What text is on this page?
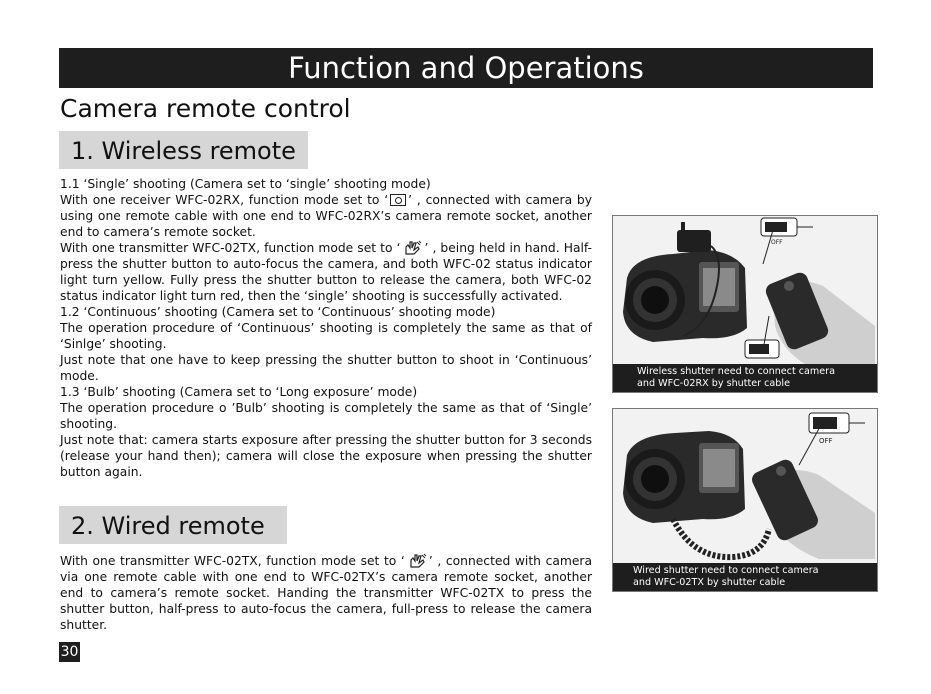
Function and Operations
Camera remote control
1. Wireless remote

1.1 ‘Single’ shooting (Camera set to ‘single’ shooting mode)

With one receiver WFC-02RX, function mode set to ‘ ’ , connected with camera by using one remote cable with one end to WFC-02RX’s camera remote socket, another end to camera’s remote socket.

With one transmitter WFC-02TX, function mode set to ‘ ’ , being held in hand. Half-press the shutter button to auto-focus the camera, and both WFC-02 status indicator light turn yellow. Fully press the shutter button to release the camera, both WFC-02 status indicator light turn red, then the ‘single’ shooting is successfully activated.

1.2 ‘Continuous’ shooting (Camera set to ‘Continuous’ shooting mode)

The operation procedure of ‘Continuous’ shooting is completely the same as that of ‘Sinlge’ shooting.

Just note that one have to keep pressing the shutter button to shoot in ‘Continuous’ mode.

1.3 ‘Bulb’ shooting (Camera set to ‘Long exposure’ mode)

The operation procedure o ’Bulb’ shooting is completely the same as that of ‘Single’ shooting.

Just note that: camera starts exposure after pressing the shutter button for 3 seconds (release your hand then); camera will close the exposure when pressing the shutter button again.

2. Wired remote

With one transmitter WFC-02TX, function mode set to ‘ ’ , connected with camera via one remote cable with one end to WFC-02TX’s camera remote socket, another end to camera’s remote socket. Handing the transmitter WFC-02TX to press the shutter button, half-press to auto-focus the camera, full-press to release the camera shutter.

OFF
Wireless shutter need to connect camera
and WFC-02RX by shutter cable
OFF
Wired shutter need to connect camera
and WFC-02TX by shutter cable
30
